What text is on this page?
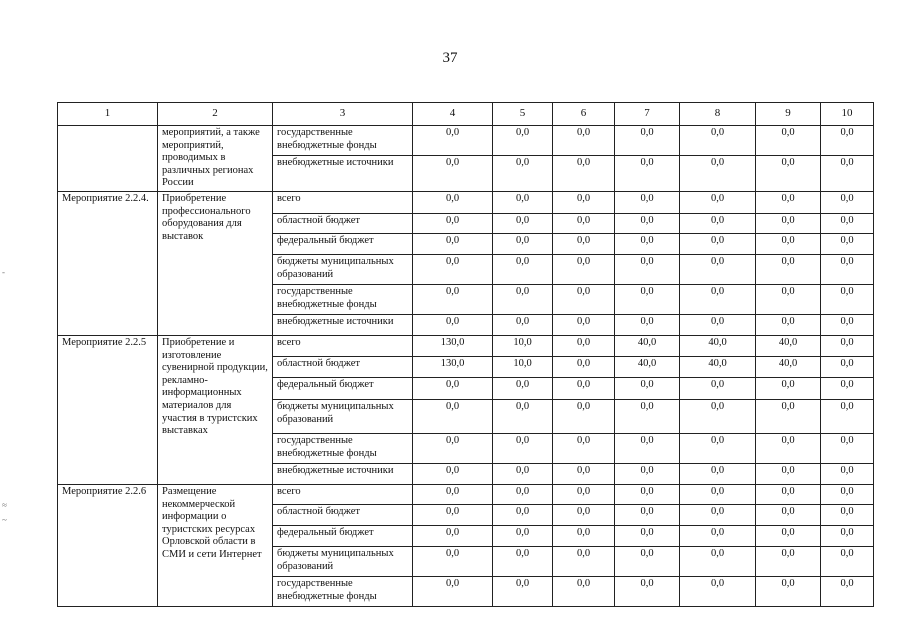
37
1	2	3	4	5	6	7	8	9	10
	мероприятий, а также мероприятий, проводимых в различных регионах России	государственные внебюджетные фонды	0,0	0,0	0,0	0,0	0,0	0,0	0,0
		внебюджетные источники	0,0	0,0	0,0	0,0	0,0	0,0	0,0
Мероприятие 2.2.4.	Приобретение профессионального оборудования для выставок	всего	0,0	0,0	0,0	0,0	0,0	0,0	0,0
		областной бюджет	0,0	0,0	0,0	0,0	0,0	0,0	0,0
		федеральный бюджет	0,0	0,0	0,0	0,0	0,0	0,0	0,0
		бюджеты муниципальных образований	0,0	0,0	0,0	0,0	0,0	0,0	0,0
		государственные внебюджетные фонды	0,0	0,0	0,0	0,0	0,0	0,0	0,0
		внебюджетные источники	0,0	0,0	0,0	0,0	0,0	0,0	0,0
Мероприятие 2.2.5	Приобретение и изготовление сувенирной продукции, рекламно-информационных материалов для участия в туристских выставках	всего	130,0	10,0	0,0	40,0	40,0	40,0	0,0
		областной бюджет	130,0	10,0	0,0	40,0	40,0	40,0	0,0
		федеральный бюджет	0,0	0,0	0,0	0,0	0,0	0,0	0,0
		бюджеты муниципальных образований	0,0	0,0	0,0	0,0	0,0	0,0	0,0
		государственные внебюджетные фонды	0,0	0,0	0,0	0,0	0,0	0,0	0,0
		внебюджетные источники	0,0	0,0	0,0	0,0	0,0	0,0	0,0
Мероприятие 2.2.6	Размещение некоммерческой информации о туристских ресурсах Орловской области в СМИ и сети Интернет	всего	0,0	0,0	0,0	0,0	0,0	0,0	0,0
		областной бюджет	0,0	0,0	0,0	0,0	0,0	0,0	0,0
		федеральный бюджет	0,0	0,0	0,0	0,0	0,0	0,0	0,0
		бюджеты муниципальных образований	0,0	0,0	0,0	0,0	0,0	0,0	0,0
		государственные внебюджетные фонды	0,0	0,0	0,0	0,0	0,0	0,0	0,0
-
≈
~
